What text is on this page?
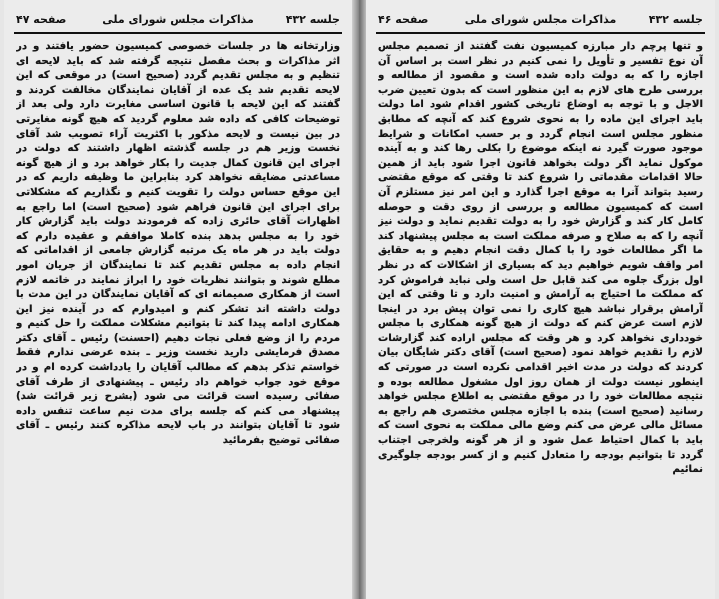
جلسه ۴۳۲
مذاکرات مجلس شورای ملی
صفحه ۴۷

وزارتخانه ها در جلسات خصوصی کمیسیون حضور یافتند و در اثر مذاکرات و بحث مفصل نتیجه گرفته شد که باید لایحه ای تنظیم و به مجلس تقدیم گردد (صحیح است) در موقعی که این لایحه تقدیم شد یک عده از آقایان نمایندگان مخالفت کردند و گفتند که این لایحه با قانون اساسی مغایرت دارد ولی بعد از توضیحات کافی که داده شد معلوم گردید که هیچ گونه مغایرتی در بین نیست و لایحه مذکور با اکثریت آراء تصویب شد آقای نخست وزیر هم در جلسه گذشته اظهار داشتند که دولت در اجرای این قانون کمال جدیت را بکار خواهد برد و از هیچ گونه مساعدتی مضایقه نخواهد کرد بنابراین ما وظیفه داریم که در این موقع حساس دولت را تقویت کنیم و نگذاریم که مشکلاتی برای اجرای این قانون فراهم شود (صحیح است) اما راجع به اظهارات آقای حائری زاده که فرمودند دولت باید گزارش کار خود را به مجلس بدهد بنده کاملا موافقم و عقیده دارم که دولت باید در هر ماه یک مرتبه گزارش جامعی از اقداماتی که انجام داده به مجلس تقدیم کند تا نمایندگان از جریان امور مطلع شوند و بتوانند نظریات خود را ابراز نمایند در خاتمه لازم است از همکاری صمیمانه ای که آقایان نمایندگان در این مدت با دولت داشته اند تشکر کنم و امیدوارم که در آینده نیز این همکاری ادامه پیدا کند تا بتوانیم مشکلات مملکت را حل کنیم و مردم را از وضع فعلی نجات دهیم (احسنت) رئیس ـ آقای دکتر مصدق فرمایشی دارید نخست وزیر ـ بنده عرضی ندارم فقط خواستم تذکر بدهم که مطالب آقایان را یادداشت کرده ام و در موقع خود جواب خواهم داد رئیس ـ پیشنهادی از طرف آقای صفائی رسیده است قرائت می شود (بشرح زیر قرائت شد) پیشنهاد می کنم که جلسه برای مدت نیم ساعت تنفس داده شود تا آقایان بتوانند در باب لایحه مذاکره کنند رئیس ـ آقای صفائی توضیح بفرمائید

جلسه ۴۳۲
مذاکرات مجلس شورای ملی
صفحه ۴۶

و تنها پرچم دار مبارزه كمیسیون نفت گفتند از تصمیم مجلس آن نوع تفسیر و تأویل را نمی کنیم در نظر است بر اساس آن اجازه را که به دولت داده شده است و مقصود از مطالعه و بررسی طرح های لازم به این منظور است که بدون تعیین ضرب الاجل و با توجه به اوضاع تاریخی کشور اقدام شود اما دولت باید اجرای این ماده را به نحوی شروع کند که آنچه که مطابق منظور مجلس است انجام گردد و بر حسب امكانات و شرایط موجود صورت گیرد نه اینکه موضوع را بكلی رها کند و به آینده موکول نماید اگر دولت بخواهد قانون اجرا شود باید از همین حالا اقدامات مقدماتی را شروع کند تا وقتی که موقع مقتضی رسید بتواند آنرا به موقع اجرا گذارد و این امر نیز مستلزم آن است که کمیسیون مطالعه و بررسی از روی دقت و حوصله کامل کار کند و گزارش خود را به دولت تقدیم نماید و دولت نیز آنچه را که به صلاح و صرفه مملکت است به مجلس پیشنهاد کند ما اگر مطالعات خود را با کمال دقت انجام دهیم و به حقایق امر واقف شویم خواهیم دید که بسیاری از اشکالات که در نظر اول بزرگ جلوه می کند قابل حل است ولی نباید فراموش کرد که مملکت ما احتیاج به آرامش و امنیت دارد و تا وقتی که این آرامش برقرار نباشد هیچ کاری را نمی توان پیش برد در اینجا لازم است عرض کنم که دولت از هیچ گونه همکاری با مجلس خودداری نخواهد کرد و هر وقت که مجلس اراده کند گزارشات لازم را تقدیم خواهد نمود (صحیح است) آقای دکتر شایگان بیان کردند که دولت در مدت اخیر اقدامی نکرده است در صورتی که اینطور نیست دولت از همان روز اول مشغول مطالعه بوده و نتیجه مطالعات خود را در موقع مقتضی به اطلاع مجلس خواهد رسانید (صحیح است) بنده با اجازه مجلس مختصری هم راجع به مسائل مالی عرض می کنم وضع مالی مملکت به نحوی است که باید با کمال احتیاط عمل شود و از هر گونه ولخرجی اجتناب گردد تا بتوانیم بودجه را متعادل کنیم و از کسر بودجه جلوگیری نمائیم
